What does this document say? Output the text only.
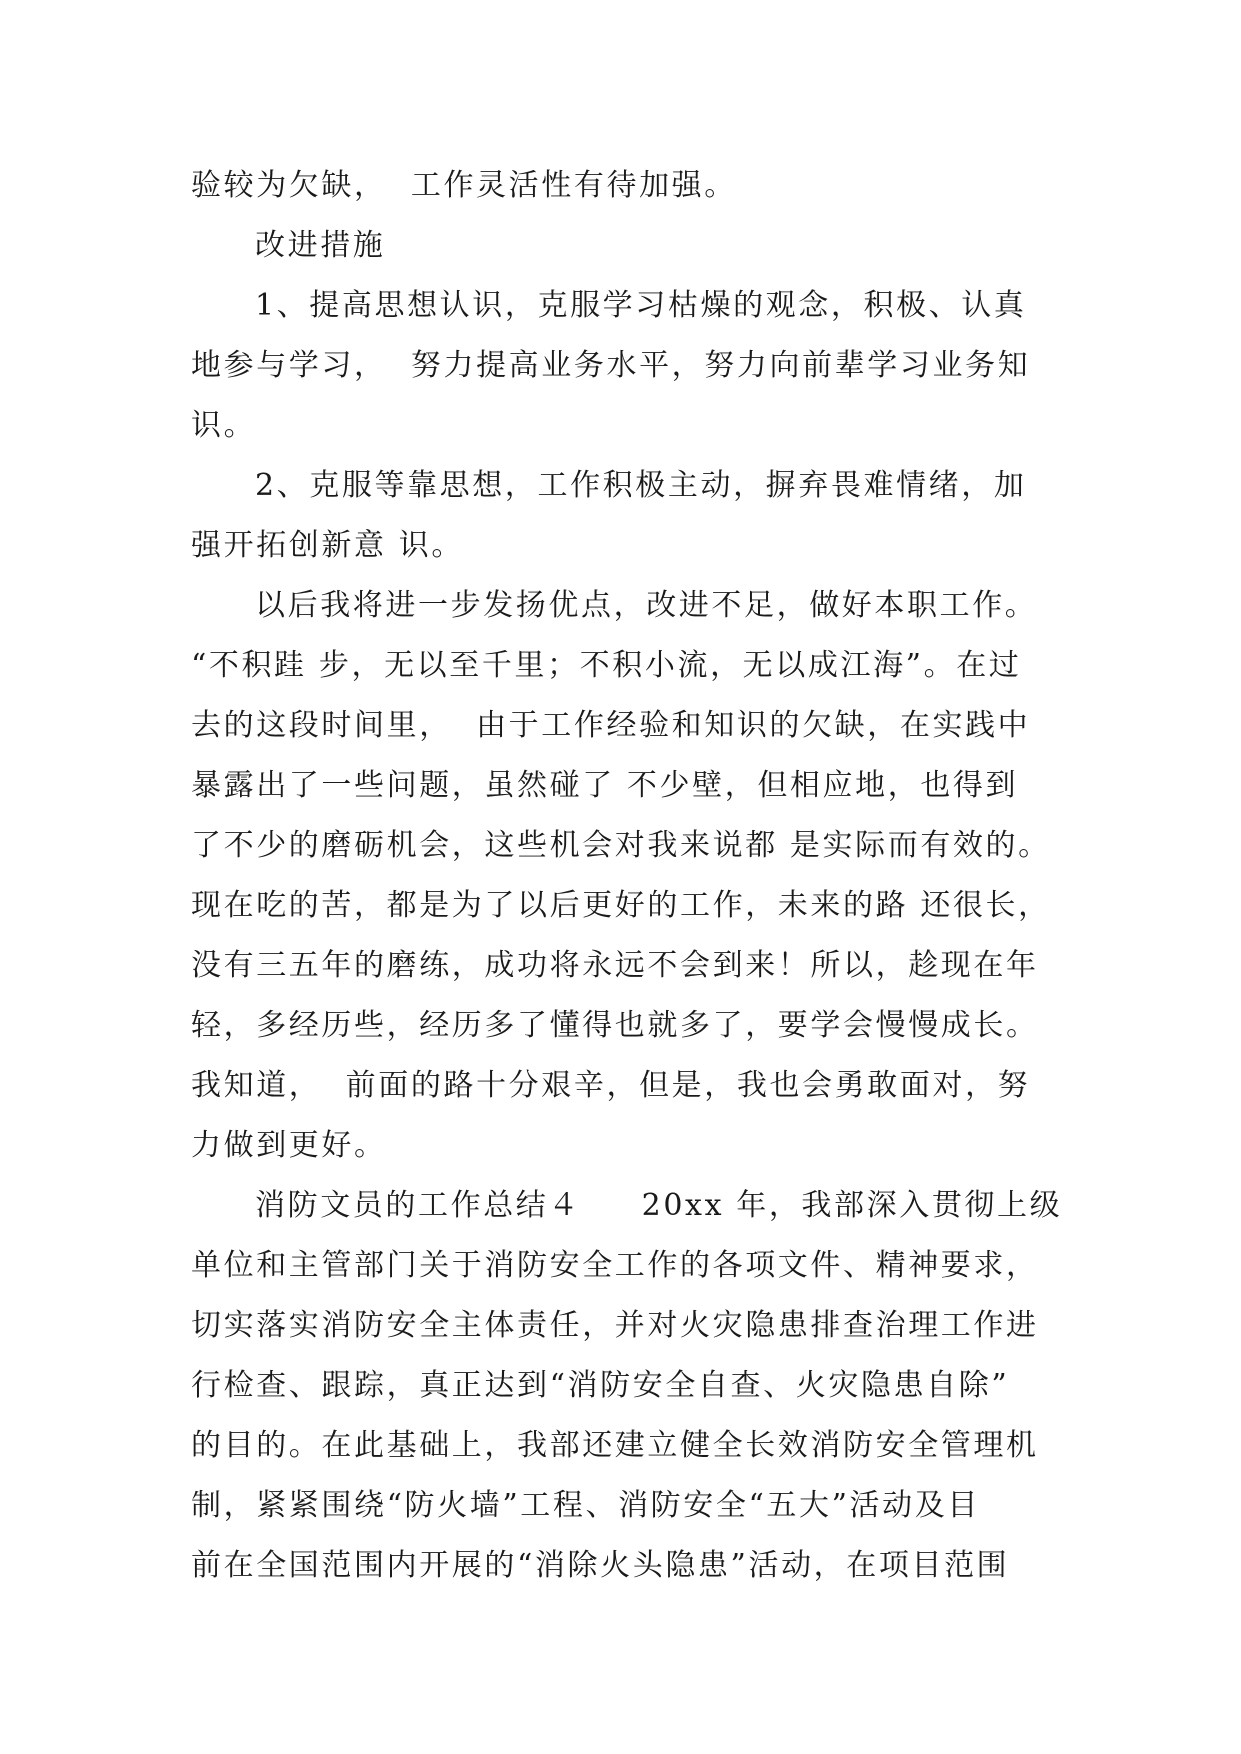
验较为欠缺，  工作灵活性有待加强。
改进措施
1、提高思想认识，克服学习枯燥的观念，积极、认真
地参与学习，  努力提高业务水平，努力向前辈学习业务知
识。
2、克服等靠思想，工作积极主动，摒弃畏难情绪，加
强开拓创新意 识。
以后我将进一步发扬优点，改进不足，做好本职工作。
“不积跬 步，无以至千里；不积小流，无以成江海”。在过
去的这段时间里，  由于工作经验和知识的欠缺，在实践中
暴露出了一些问题，虽然碰了 不少壁，但相应地，也得到
了不少的磨砺机会，这些机会对我来说都 是实际而有效的。
现在吃的苦，都是为了以后更好的工作，未来的路 还很长，
没有三五年的磨练，成功将永远不会到来！所以，趁现在年
轻，多经历些，经历多了懂得也就多了，要学会慢慢成长。
我知道，  前面的路十分艰辛，但是，我也会勇敢面对，努
力做到更好。
消防文员的工作总结４     20xx 年，我部深入贯彻上级
单位和主管部门关于消防安全工作的各项文件、精神要求，
切实落实消防安全主体责任，并对火灾隐患排查治理工作进
行检查、跟踪，真正达到“消防安全自查、火灾隐患自除”
的目的。在此基础上，我部还建立健全长效消防安全管理机
制，紧紧围绕“防火墙”工程、消防安全“五大”活动及目
前在全国范围内开展的“消除火头隐患”活动，在项目范围
